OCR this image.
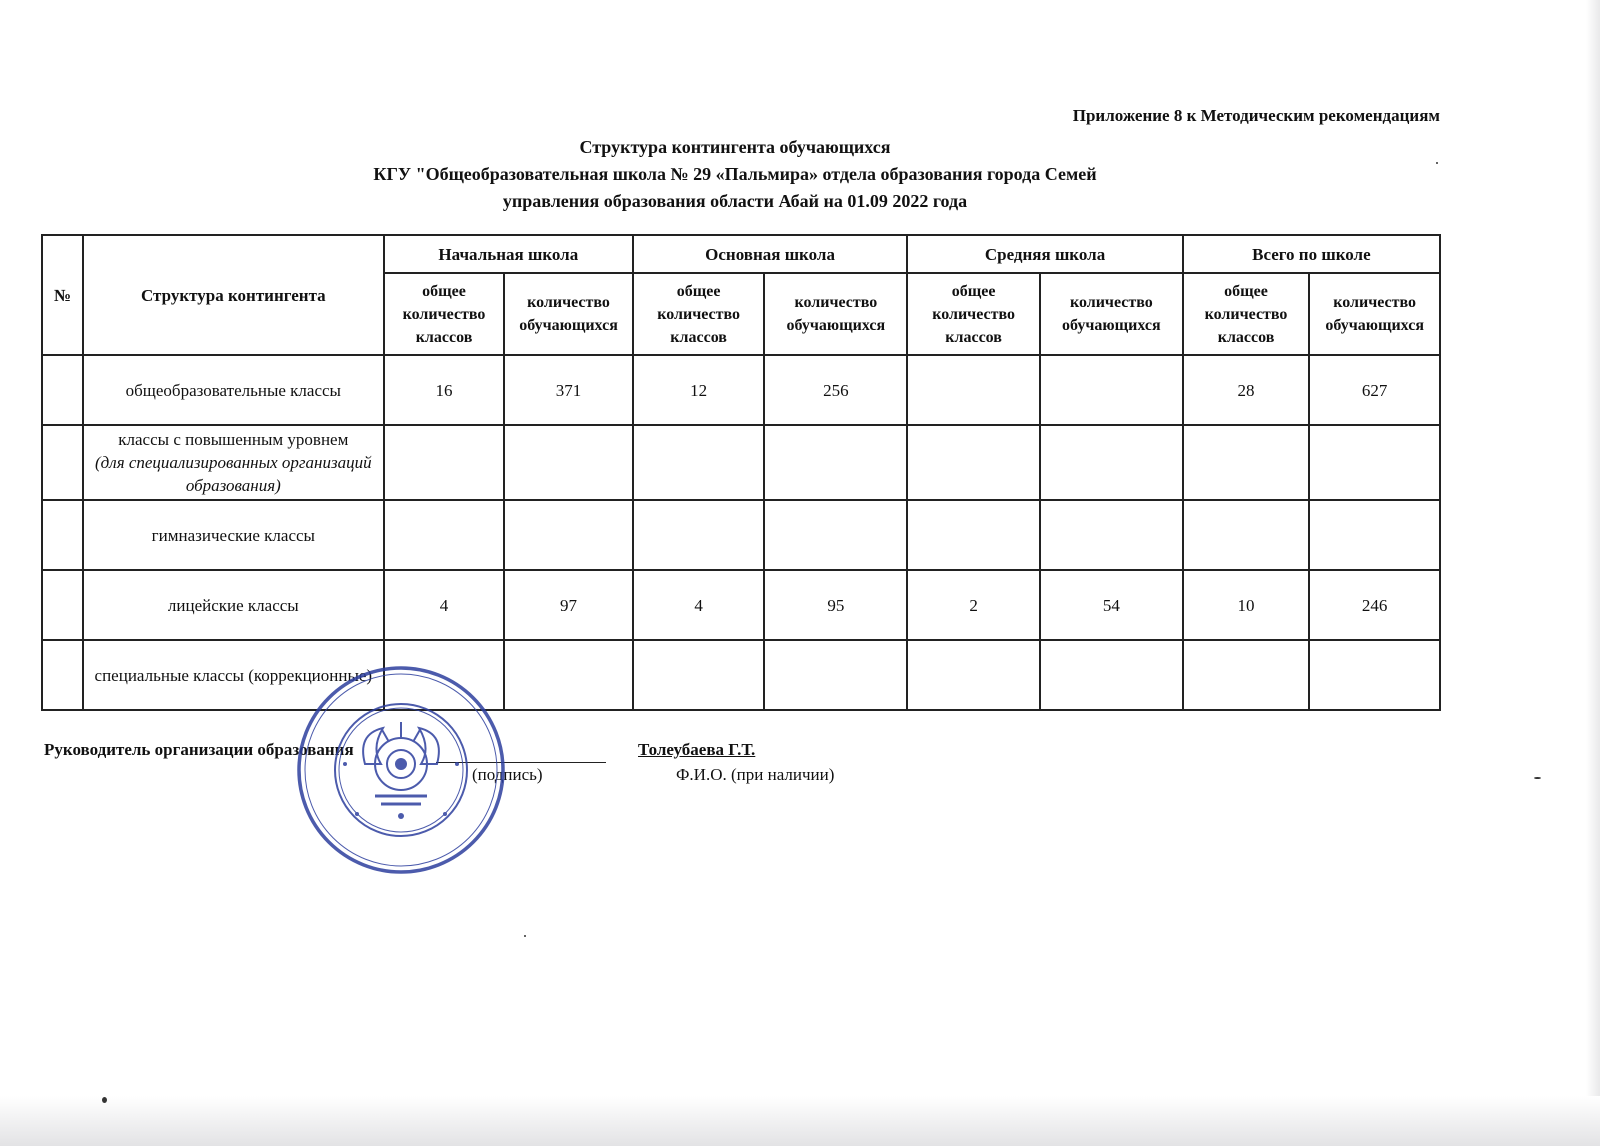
Приложение 8 к Методическим рекомендациям
Структура контингента обучающихся
КГУ "Общеобразовательная школа № 29 «Пальмира» отдела образования города Семей
управления образования области Абай на 01.09 2022 года
№	Структура контингента	Начальная школа		Основная школа		Средняя школа		Всего по школе	
		общее количество классов	количество обучающихся	общее количество классов	количество обучающихся	общее количество классов	количество обучающихся	общее количество классов	количество обучающихся
	общеобразовательные классы	16	371	12	256			28	627
	классы с повышенным уровнем
(для специализированных организаций образования)								

	гимназические классы								
	лицейские классы	4	97	4	95	2	54	10	246
	специальные классы (коррекционные)								
Руководитель организации образования	Толеубаева Г.Т.
(подпись)	Ф.И.О. (при наличии)
